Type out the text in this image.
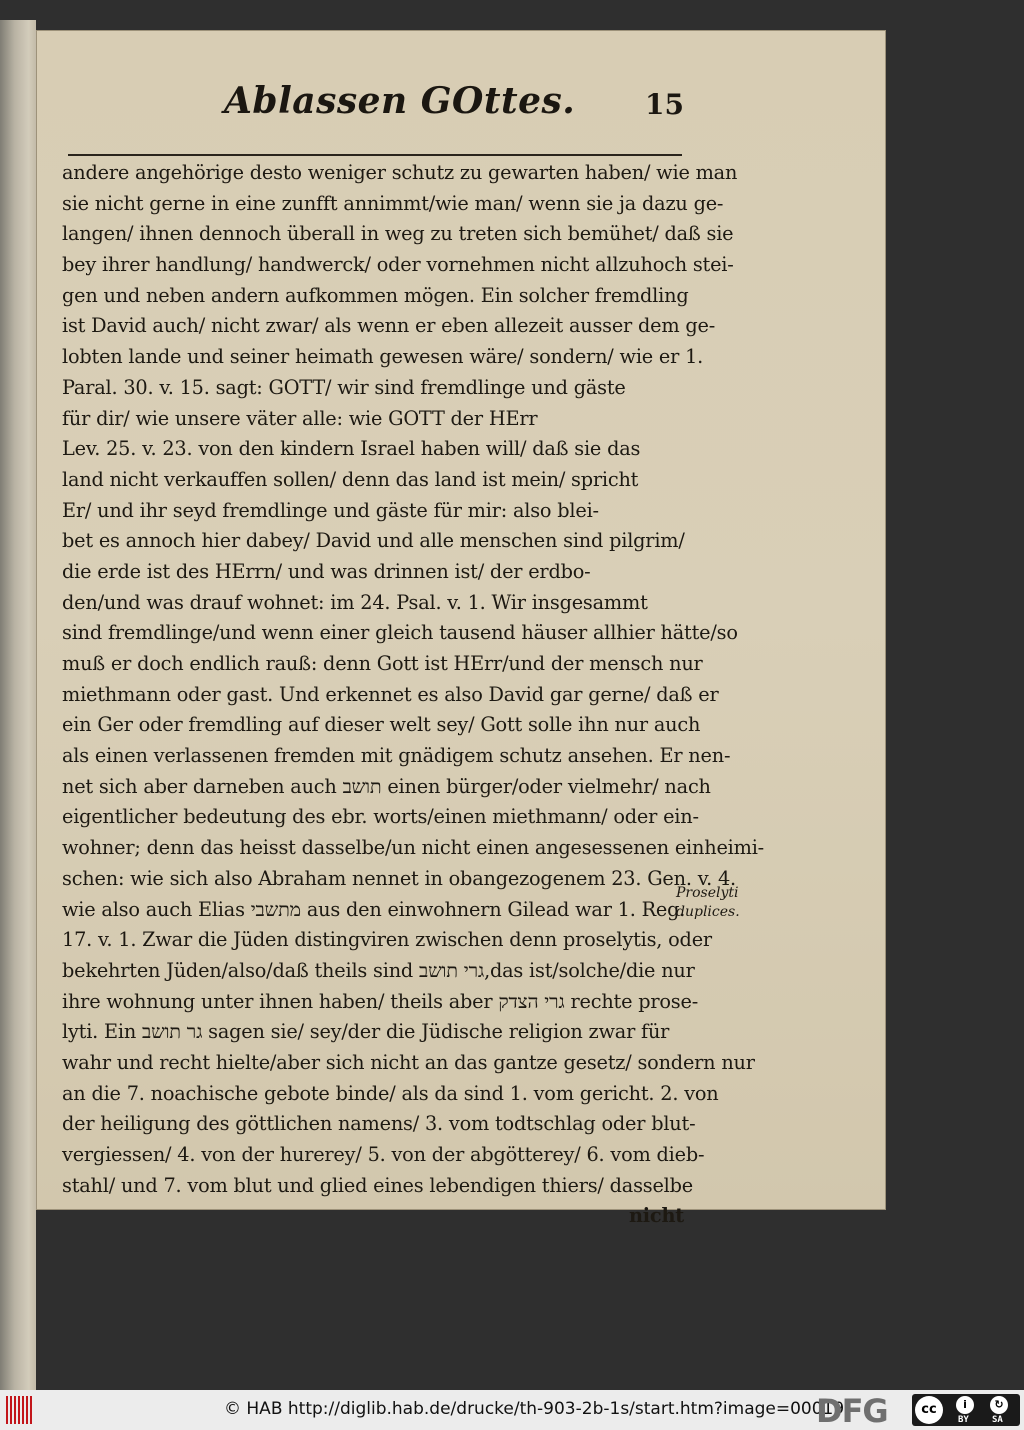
Ablassen GOttes. 15
andere angehörige desto weniger schutz zu gewarten haben/ wie man
sie nicht gerne in eine zunfft annimmt/wie man/ wenn sie ja dazu ge-
langen/ ihnen dennoch überall in weg zu treten sich bemühet/ daß sie
bey ihrer handlung/ handwerck/ oder vornehmen nicht allzuhoch stei-
gen und neben andern aufkommen mögen. Ein solcher fremdling
ist David auch/ nicht zwar/ als wenn er eben allezeit ausser dem ge-
lobten lande und seiner heimath gewesen wäre/ sondern/ wie er 1.
Paral. 30. v. 15. sagt: GOTT/ wir sind fremdlinge und gäste
für dir/ wie unsere väter alle: wie GOTT der HErr
Lev. 25. v. 23. von den kindern Israel haben will/ daß sie das
land nicht verkauffen sollen/ denn das land ist mein/ spricht
Er/ und ihr seyd fremdlinge und gäste für mir: also blei-
bet es annoch hier dabey/ David und alle menschen sind pilgrim/
die erde ist des HErrn/ und was drinnen ist/ der erdbo-
den/und was drauf wohnet: im 24. Psal. v. 1. Wir insgesammt
sind fremdlinge/und wenn einer gleich tausend häuser allhier hätte/so
muß er doch endlich rauß: denn Gott ist HErr/und der mensch nur
miethmann oder gast. Und erkennet es also David gar gerne/ daß er
ein Ger oder fremdling auf dieser welt sey/ Gott solle ihn nur auch
als einen verlassenen fremden mit gnädigem schutz ansehen. Er nen-
net sich aber darneben auch תושב einen bürger/oder vielmehr/ nach
eigentlicher bedeutung des ebr. worts/einen miethmann/ oder ein-
wohner; denn das heisst dasselbe/un nicht einen angesessenen einheimi-
schen: wie sich also Abraham nennet in obangezogenem 23. Gen. v. 4.
wie also auch Elias מתשבי aus den einwohnern Gilead war 1. Reg.
17. v. 1. Zwar die Jüden distingviren zwischen denn proselytis, oder
bekehrten Jüden/also/daß theils sind גרי תושב,das ist/solche/die nur
ihre wohnung unter ihnen haben/ theils aber גרי הצדק rechte prose-
lyti. Ein גר תושב sagen sie/ sey/der die Jüdische religion zwar für
wahr und recht hielte/aber sich nicht an das gantze gesetz/ sondern nur
an die 7. noachische gebote binde/ als da sind 1. vom gericht. 2. von
der heiligung des göttlichen namens/ 3. vom todtschlag oder blut-
vergiessen/ 4. von der hurerey/ 5. von der abgötterey/ 6. vom dieb-
stahl/ und 7. vom blut und glied eines lebendigen thiers/ dasselbe
nicht
Proselyti
duplices.
© HAB http://diglib.hab.de/drucke/th-903-2b-1s/start.htm?image=00019
DFG	cc	i	↻
BY	SA
